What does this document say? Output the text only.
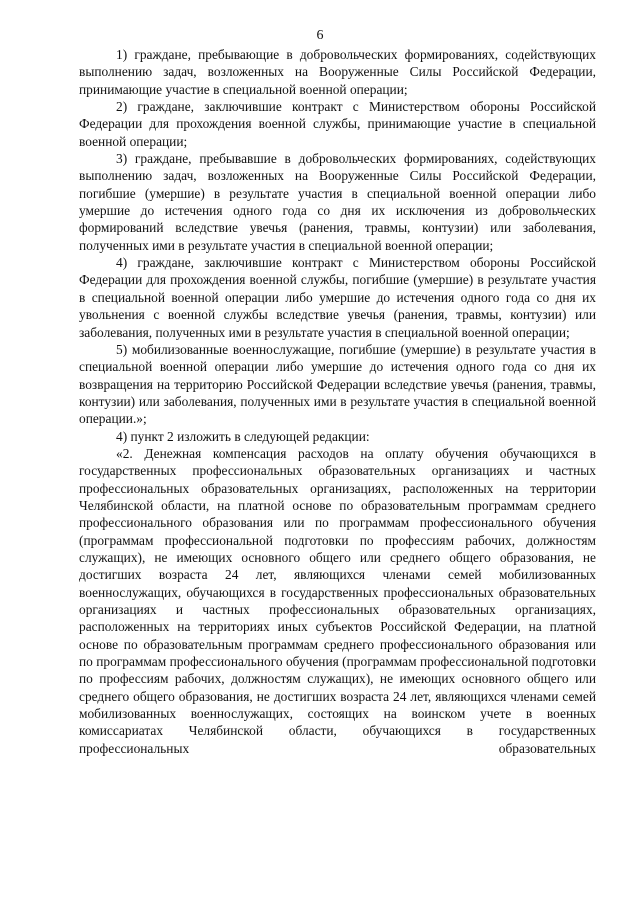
6

1) граждане, пребывающие в добровольческих формированиях, содействующих выполнению задач, возложенных на Вооруженные Силы Российской Федерации, принимающие участие в специальной военной операции;

2) граждане, заключившие контракт с Министерством обороны Российской Федерации для прохождения военной службы, принимающие участие в специальной военной операции;

3) граждане, пребывавшие в добровольческих формированиях, содействующих выполнению задач, возложенных на Вооруженные Силы Российской Федерации, погибшие (умершие) в результате участия в специальной военной операции либо умершие до истечения одного года со дня их исключения из добровольческих формирований вследствие увечья (ранения, травмы, контузии) или заболевания, полученных ими в результате участия в специальной военной операции;

4) граждане, заключившие контракт с Министерством обороны Российской Федерации для прохождения военной службы, погибшие (умершие) в результате участия в специальной военной операции либо умершие до истечения одного года со дня их увольнения с военной службы вследствие увечья (ранения, травмы, контузии) или заболевания, полученных ими в результате участия в специальной военной операции;

5) мобилизованные военнослужащие, погибшие (умершие) в результате участия в специальной военной операции либо умершие до истечения одного года со дня их возвращения на территорию Российской Федерации вследствие увечья (ранения, травмы, контузии) или заболевания, полученных ими в результате участия в специальной военной операции.»;

4) пункт 2 изложить в следующей редакции:

«2. Денежная компенсация расходов на оплату обучения обучающихся в государственных профессиональных образовательных организациях и частных профессиональных образовательных организациях, расположенных на территории Челябинской области, на платной основе по образовательным программам среднего профессионального образования или по программам профессионального обучения (программам профессиональной подготовки по профессиям рабочих, должностям служащих), не имеющих основного общего или среднего общего образования, не достигших возраста 24 лет, являющихся членами семей мобилизованных военнослужащих, обучающихся в государственных профессиональных образовательных организациях и частных профессиональных образовательных организациях, расположенных на территориях иных субъектов Российской Федерации, на платной основе по образовательным программам среднего профессионального образования или по программам профессионального обучения (программам профессиональной подготовки по профессиям рабочих, должностям служащих), не имеющих основного общего или среднего общего образования, не достигших возраста 24 лет, являющихся членами семей мобилизованных военнослужащих, состоящих на воинском учете в военных комиссариатах Челябинской области, обучающихся в государственных профессиональных образовательных
